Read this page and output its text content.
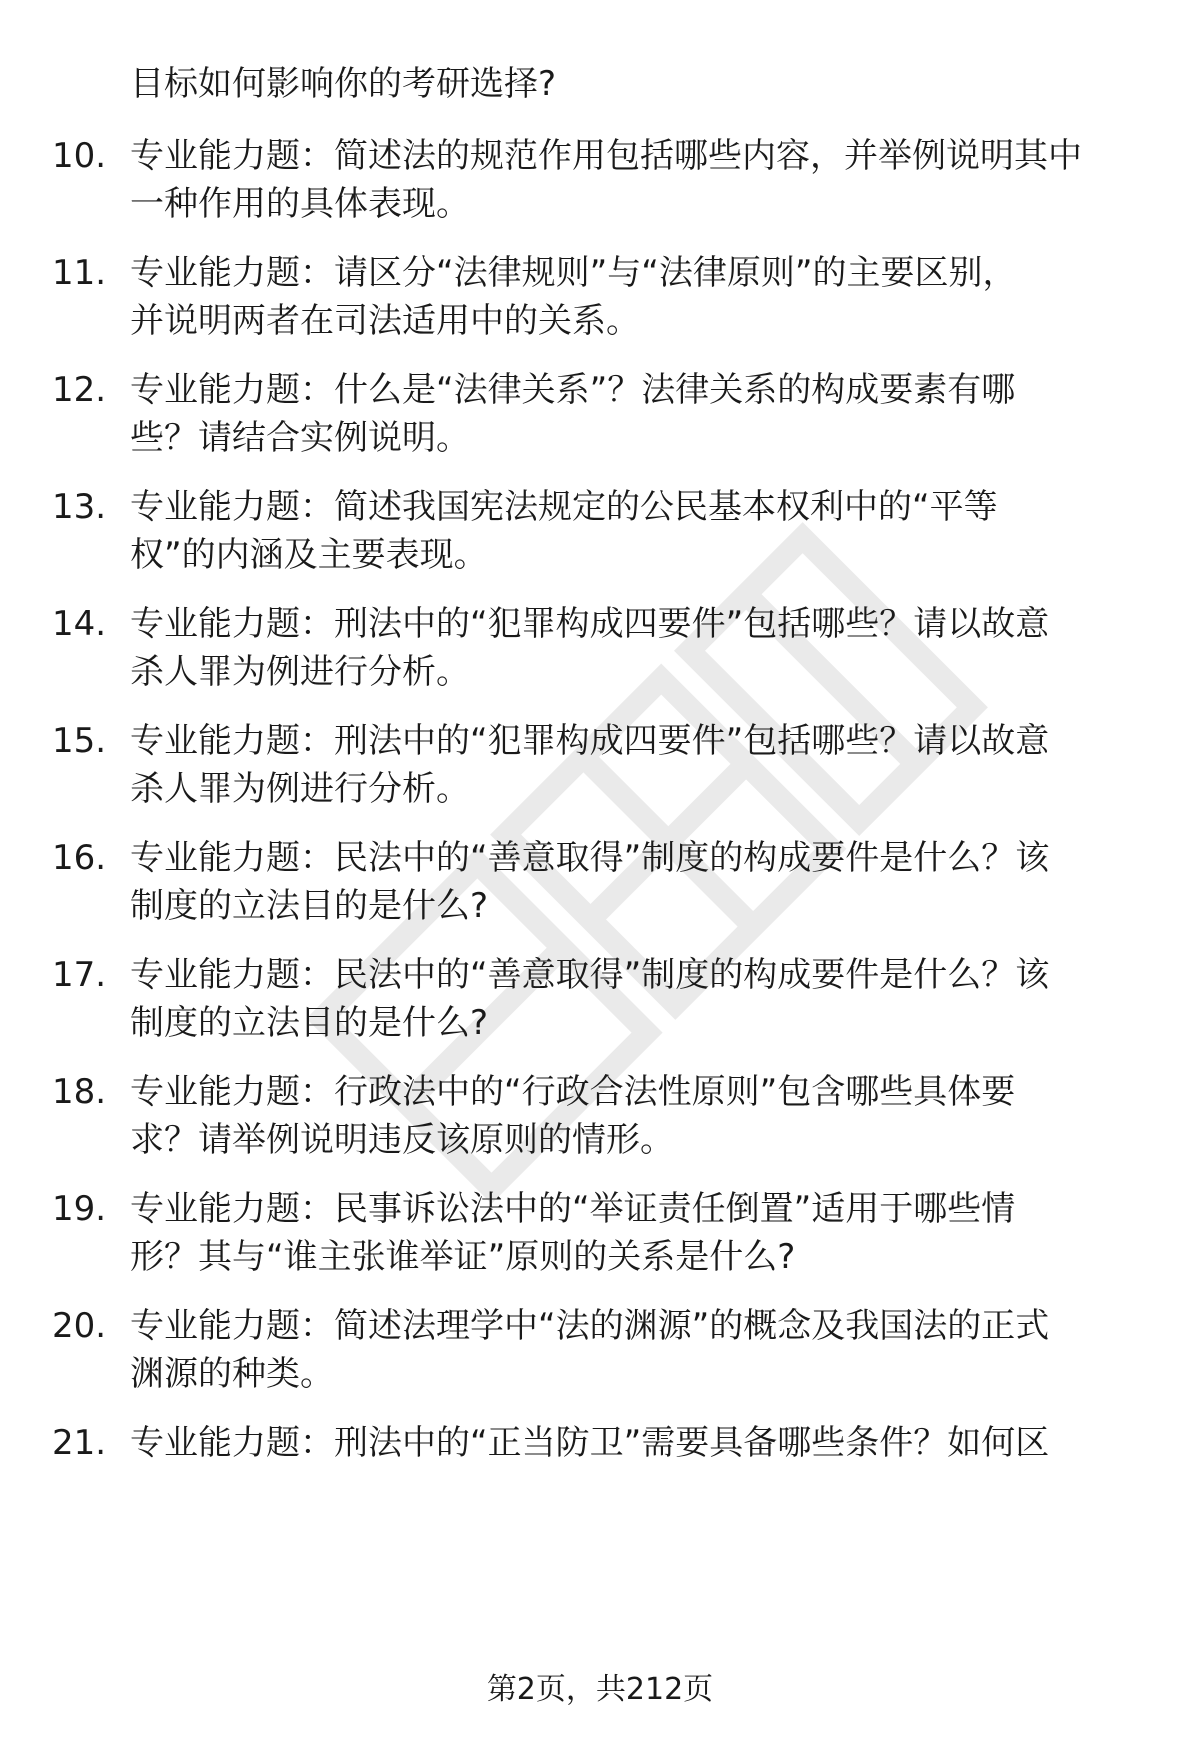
目标如何影响你的考研选择?
10. 专业能力题：简述法的规范作用包括哪些内容，并举例说明其中
一种作用的具体表现。
11. 专业能力题：请区分“法律规则”与“法律原则”的主要区别，
并说明两者在司法适用中的关系。
12. 专业能力题：什么是“法律关系”？法律关系的构成要素有哪
些？请结合实例说明。
13. 专业能力题：简述我国宪法规定的公民基本权利中的“平等
权”的内涵及主要表现。
14. 专业能力题：刑法中的“犯罪构成四要件”包括哪些？请以故意
杀人罪为例进行分析。
15. 专业能力题：刑法中的“犯罪构成四要件”包括哪些？请以故意
杀人罪为例进行分析。
16. 专业能力题：民法中的“善意取得”制度的构成要件是什么？该
制度的立法目的是什么?
17. 专业能力题：民法中的“善意取得”制度的构成要件是什么？该
制度的立法目的是什么?
18. 专业能力题：行政法中的“行政合法性原则”包含哪些具体要
求？请举例说明违反该原则的情形。
19. 专业能力题：民事诉讼法中的“举证责任倒置”适用于哪些情
形？其与“谁主张谁举证”原则的关系是什么?
20. 专业能力题：简述法理学中“法的渊源”的概念及我国法的正式
渊源的种类。
21. 专业能力题：刑法中的“正当防卫”需要具备哪些条件？如何区
第2页，共212页
